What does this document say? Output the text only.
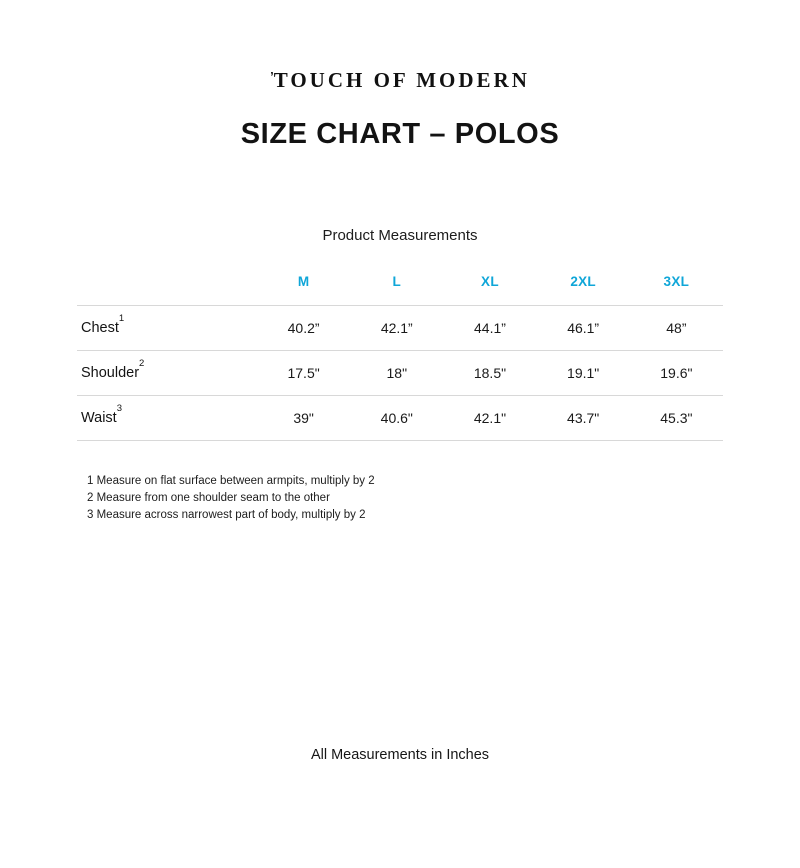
’TOUCH OF MODERN
SIZE CHART – POLOS
Product Measurements
	M	L	XL	2XL	3XL
Chest$^1$	40.2”	42.1”	44.1”	46.1”	48”
Shoulder$^2$	17.5"	18"	18.5"	19.1"	19.6"
Waist$^3$	39"	40.6"	42.1"	43.7"	45.3"
1 Measure on flat surface between armpits, multiply by 2
2 Measure from one shoulder seam to the other
3 Measure across narrowest part of body, multiply by 2
All Measurements in Inches
